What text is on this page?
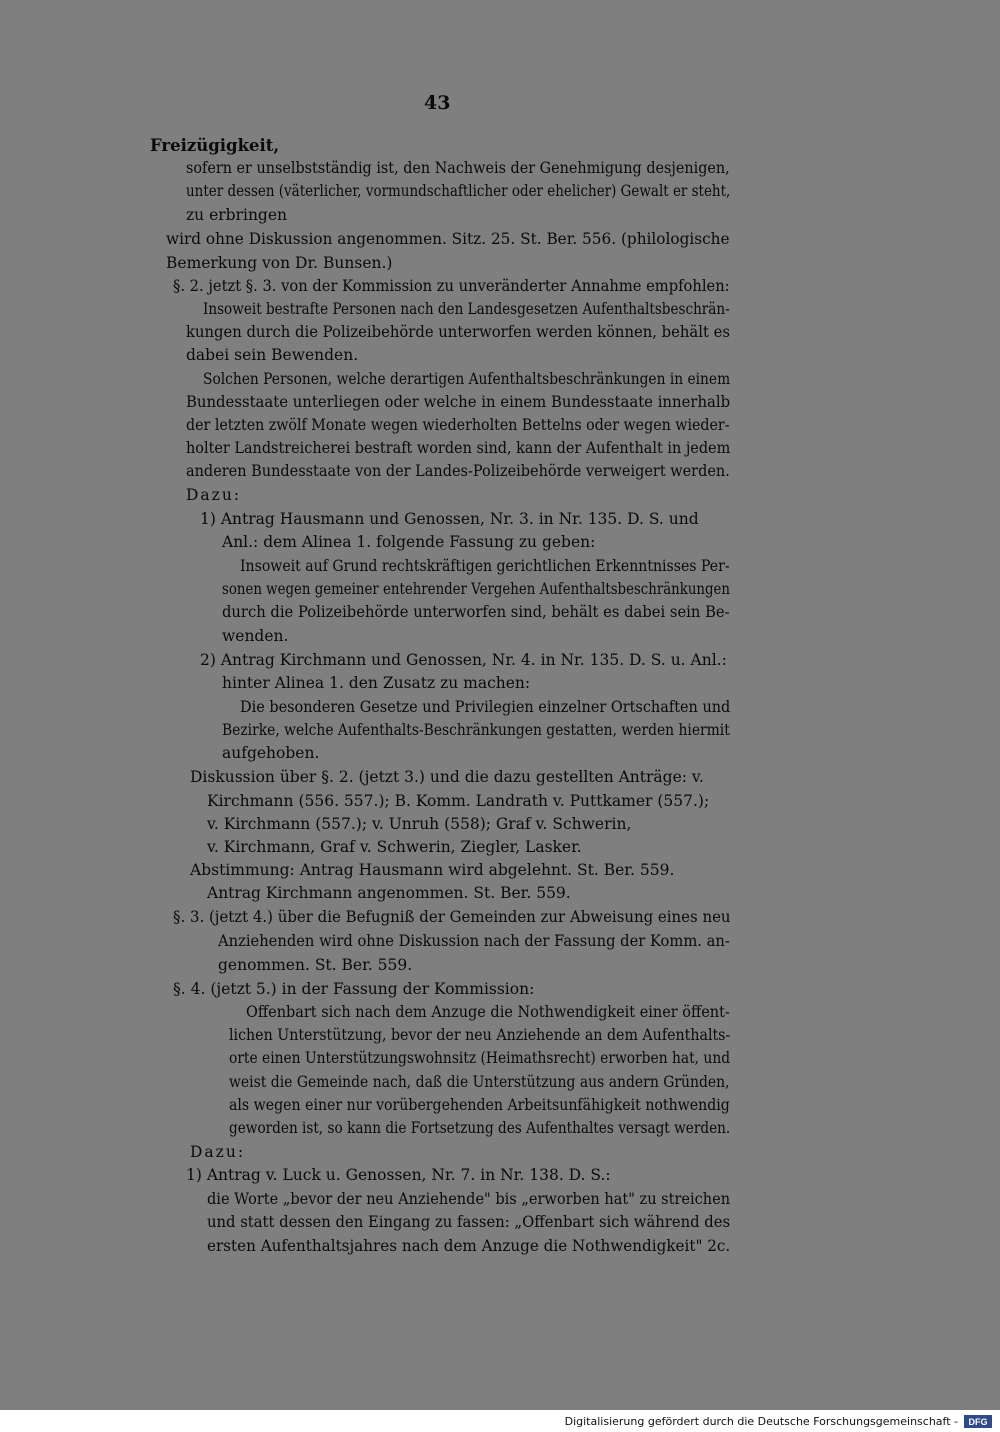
43
Freizügigkeit,
sofern er unselbstständig ist, den Nachweis der Genehmigung desjenigen,
unter dessen (väterlicher, vormundschaftlicher oder ehelicher) Gewalt er steht,
zu erbringen
wird ohne Diskussion angenommen. Sitz. 25. St. Ber. 556. (philologische
Bemerkung von Dr. Bunsen.)
§. 2. jetzt §. 3. von der Kommission zu unveränderter Annahme empfohlen:
Insoweit bestrafte Personen nach den Landesgesetzen Aufenthaltsbeschrän-
kungen durch die Polizeibehörde unterworfen werden können, behält es
dabei sein Bewenden.
Solchen Personen, welche derartigen Aufenthaltsbeschränkungen in einem
Bundesstaate unterliegen oder welche in einem Bundesstaate innerhalb
der letzten zwölf Monate wegen wiederholten Bettelns oder wegen wieder-
holter Landstreicherei bestraft worden sind, kann der Aufenthalt in jedem
anderen Bundesstaate von der Landes-Polizeibehörde verweigert werden.
Dazu:
1) Antrag Hausmann und Genossen, Nr. 3. in Nr. 135. D. S. und
Anl.: dem Alinea 1. folgende Fassung zu geben:
Insoweit auf Grund rechtskräftigen gerichtlichen Erkenntnisses Per-
sonen wegen gemeiner entehrender Vergehen Aufenthaltsbeschränkungen
durch die Polizeibehörde unterworfen sind, behält es dabei sein Be-
wenden.
2) Antrag Kirchmann und Genossen, Nr. 4. in Nr. 135. D. S. u. Anl.:
hinter Alinea 1. den Zusatz zu machen:
Die besonderen Gesetze und Privilegien einzelner Ortschaften und
Bezirke, welche Aufenthalts-Beschränkungen gestatten, werden hiermit
aufgehoben.
Diskussion über §. 2. (jetzt 3.) und die dazu gestellten Anträge: v.
Kirchmann (556. 557.); B. Komm. Landrath v. Puttkamer (557.);
v. Kirchmann (557.); v. Unruh (558); Graf v. Schwerin,
v. Kirchmann, Graf v. Schwerin, Ziegler, Lasker.
Abstimmung: Antrag Hausmann wird abgelehnt. St. Ber. 559.
Antrag Kirchmann angenommen. St. Ber. 559.
§. 3. (jetzt 4.) über die Befugniß der Gemeinden zur Abweisung eines neu
Anziehenden wird ohne Diskussion nach der Fassung der Komm. an-
genommen. St. Ber. 559.
§. 4. (jetzt 5.) in der Fassung der Kommission:
Offenbart sich nach dem Anzuge die Nothwendigkeit einer öffent-
lichen Unterstützung, bevor der neu Anziehende an dem Aufenthalts-
orte einen Unterstützungswohnsitz (Heimathsrecht) erworben hat, und
weist die Gemeinde nach, daß die Unterstützung aus andern Gründen,
als wegen einer nur vorübergehenden Arbeitsunfähigkeit nothwendig
geworden ist, so kann die Fortsetzung des Aufenthaltes versagt werden.
Dazu:
1) Antrag v. Luck u. Genossen, Nr. 7. in Nr. 138. D. S.:
die Worte „bevor der neu Anziehende" bis „erworben hat" zu streichen
und statt dessen den Eingang zu fassen: „Offenbart sich während des
ersten Aufenthaltsjahres nach dem Anzuge die Nothwendigkeit" 2c.
Digitalisierung gefördert durch die Deutsche Forschungsgemeinschaft - DFG
